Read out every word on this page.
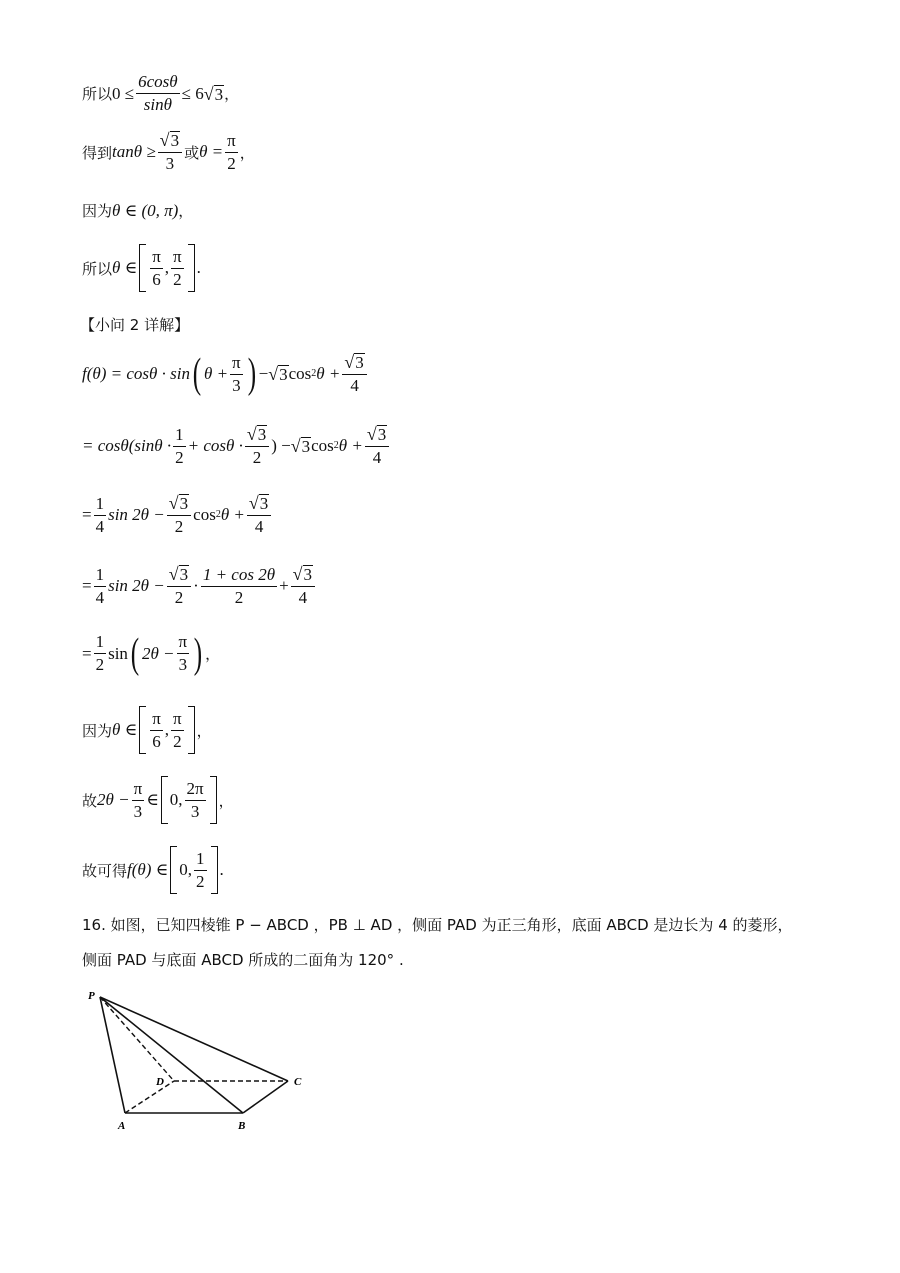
所以 $0 \le \frac{6\cos\theta}{\sin\theta} \le 6$ √ 3 ，
得到 $\tan\theta \ge \frac{√ 3}{3}$ 或 $\theta = \frac{\pi}{2}$ ，
因为 θ ∈ (0, π) ，
所以 θ ∈ $\frac{\pi}{6}$ , $\frac{\pi}{2}$ .
【小问 2 详解】
f(θ) = cosθ · sin ( $\theta + \frac{\pi}{3}$ ) − √ 3 cos 2 $\theta + \frac{√ 3}{4}$
= $\cos\theta(\sin\theta \cdot \frac{1}{2} + \cos\theta \cdot \frac{√ 3}{2}$ ) − √ 3 cos 2 $\theta + \frac{√ 3}{4}$
= $\frac{1}{4}$ $\sin 2\theta - \frac{√ 3}{2}$ cos 2 $\theta + \frac{√ 3}{4}$
= $\frac{1}{4}$ $\sin 2\theta - \frac{√ 3}{2} \cdot \frac{1 + \cos 2\theta}{2} + \frac{√ 3}{4}$
= $\frac{1}{2}$ sin ( $2\theta - \frac{\pi}{3}$ ) ，
因为 θ ∈ $\frac{\pi}{6}$ , $\frac{\pi}{2}$ ，
故 $2\theta - \frac{\pi}{3}$ ∈ 0, $\frac{2\pi}{3}$ ，
故可得 f(θ) ∈ 0, $\frac{1}{2}$ .
16. 如图，已知四棱锥 P − ABCD ，PB ⊥ AD ，侧面 PAD 为正三角形，底面 ABCD 是边长为 4 的菱形，
侧面 PAD 与底面 ABCD 所成的二面角为 120° .
P
D	C
A	B
